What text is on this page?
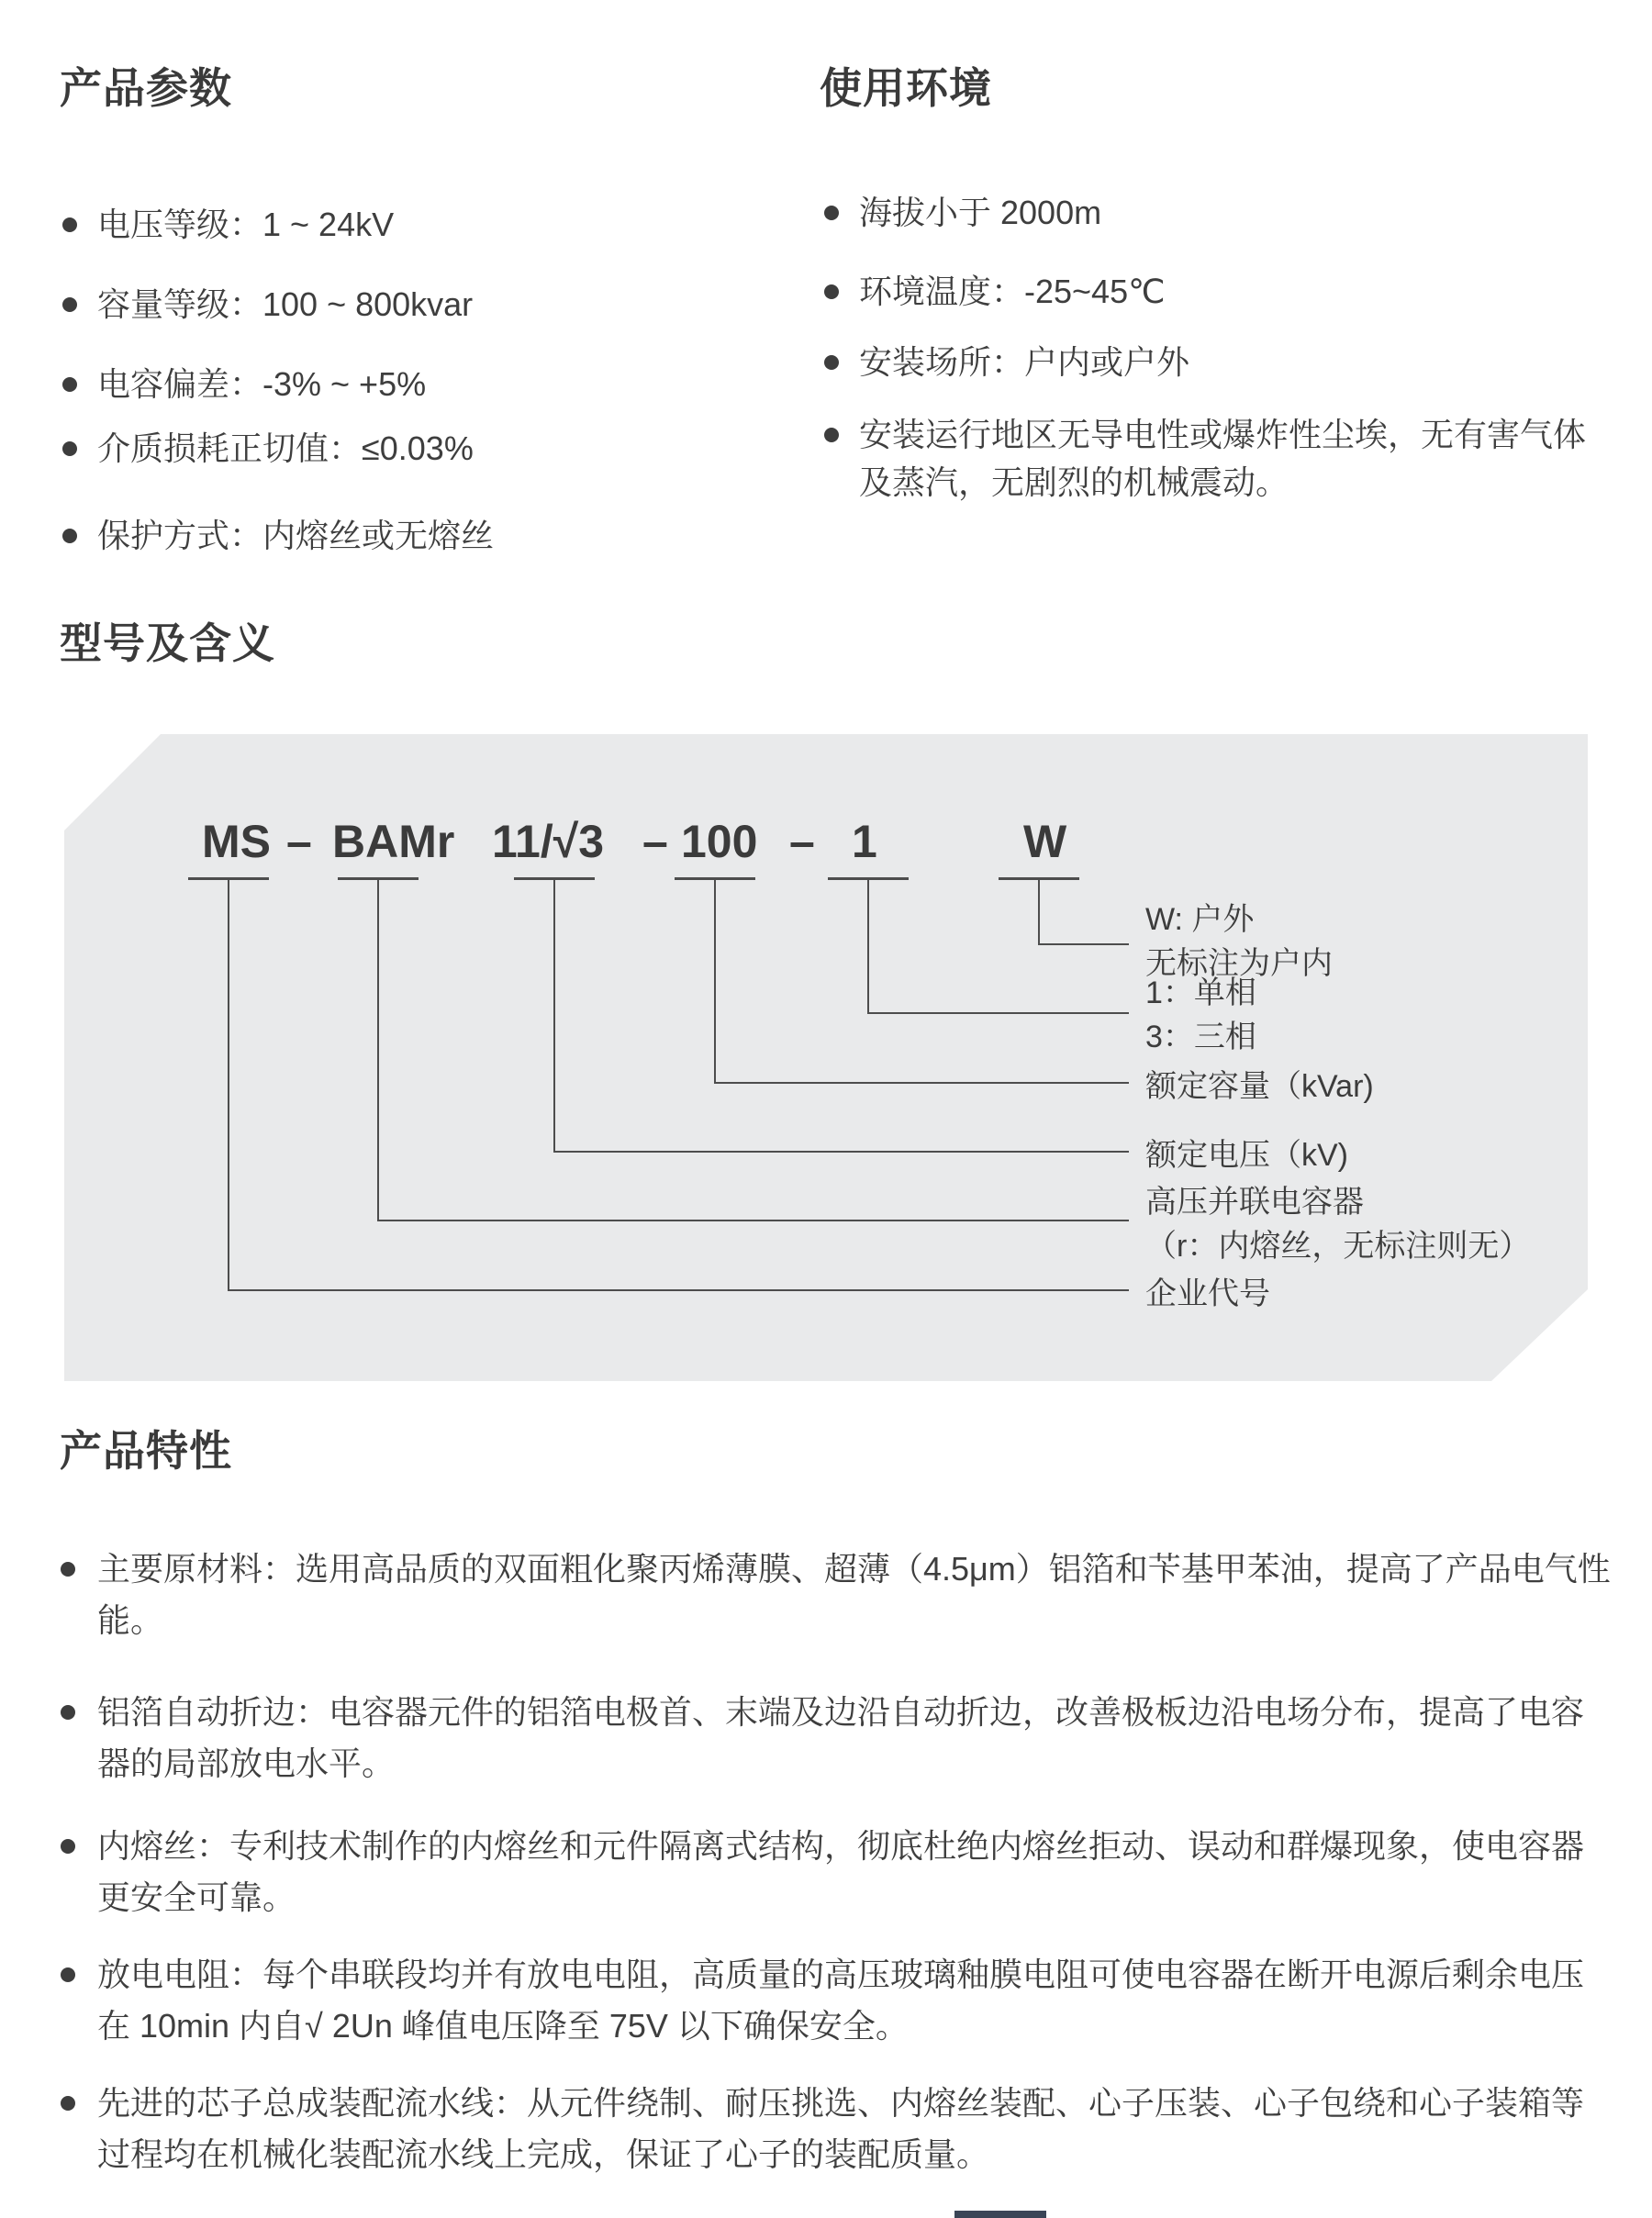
产品参数
电压等级：1 ~ 24kV
容量等级：100 ~ 800kvar
电容偏差：-3% ~ +5%
介质损耗正切值：≤0.03%
保护方式：内熔丝或无熔丝
使用环境
海拔小于 2000m
环境温度：-25~45℃
安装场所：户内或户外
安装运行地区无导电性或爆炸性尘埃，无有害气体及蒸汽，无剧烈的机械震动。
型号及含义
MS – BAMr 11/√3 – 100 – 1	W
W: 户外
无标注为户内
1：单相
3：三相
额定容量（kVar)
额定电压（kV)
高压并联电容器
（r：内熔丝，无标注则无）
企业代号
产品特性
主要原材料：选用高品质的双面粗化聚丙烯薄膜、超薄（4.5μm）铝箔和苄基甲苯油，提高了产品电气性能。
铝箔自动折边：电容器元件的铝箔电极首、末端及边沿自动折边，改善极板边沿电场分布，提高了电容器的局部放电水平。
内熔丝：专利技术制作的内熔丝和元件隔离式结构，彻底杜绝内熔丝拒动、误动和群爆现象，使电容器更安全可靠。
放电电阻：每个串联段均并有放电电阻，高质量的高压玻璃釉膜电阻可使电容器在断开电源后剩余电压在 10min 内自√ 2Un 峰值电压降至 75V 以下确保安全。
先进的芯子总成装配流水线：从元件绕制、耐压挑选、内熔丝装配、心子压装、心子包绕和心子装箱等过程均在机械化装配流水线上完成，保证了心子的装配质量。
